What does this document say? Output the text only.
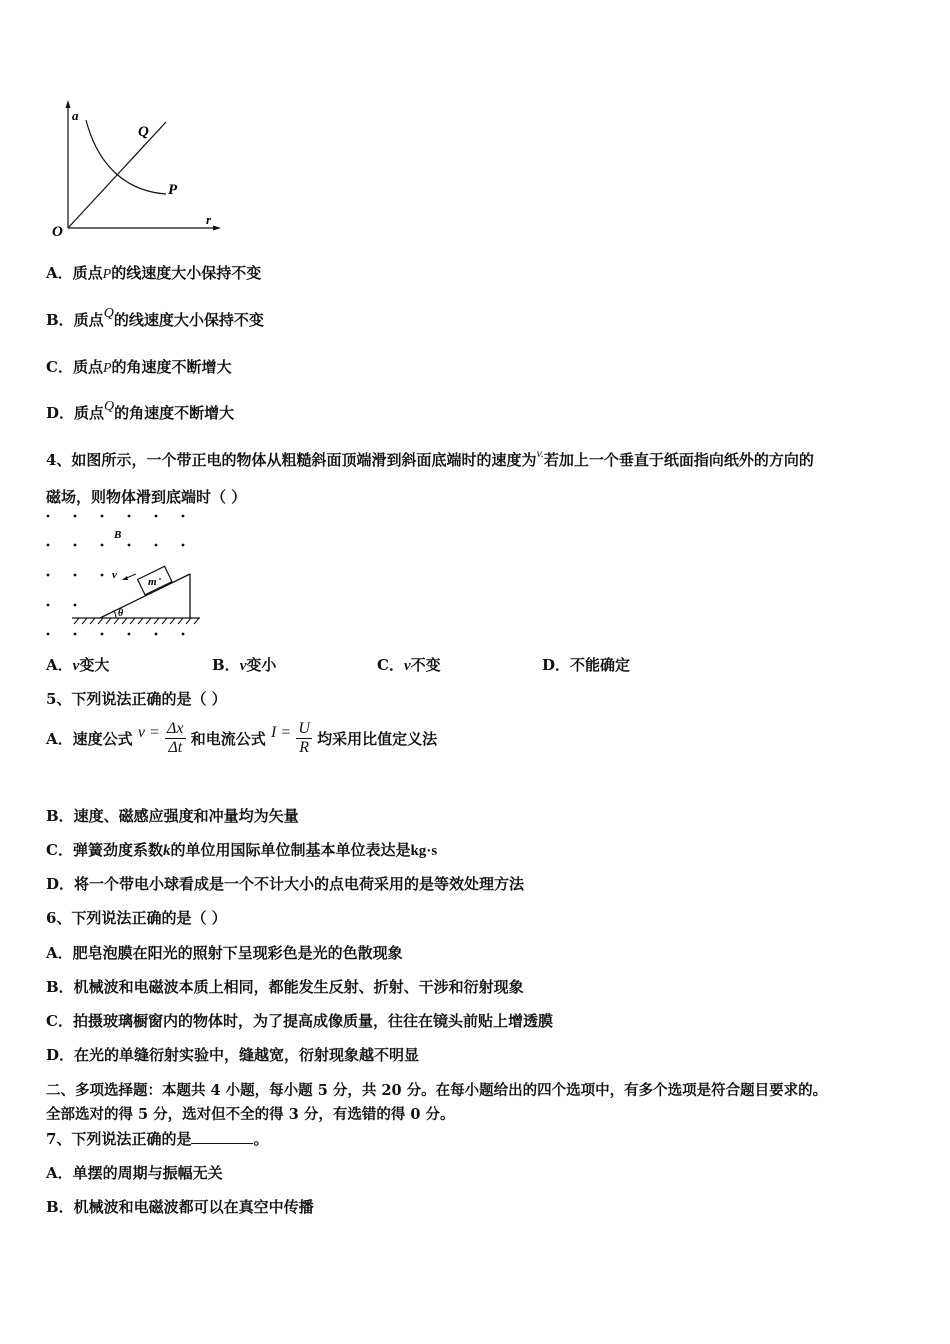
a
r
O
Q
P
A．质点P的线速度大小保持不变
B．质点Q的线速度大小保持不变
C．质点P的角速度不断增大
D．质点Q的角速度不断增大
4、如图所示，一个带正电的物体从粗糙斜面顶端滑到斜面底端时的速度为$^{v.}$若加上一个垂直于纸面指向纸外的方向的
磁场，则物体滑到底端时（ ）
B
θ
m
v
A．v变大	B．v变小	C．v不变	D．不能确定
5、下列说法正确的是（ ）
A．速度公式 $v = \frac{\Delta x}{\Delta t}$ 和电流公式 $I = \frac{U}{R}$ 均采用比值定义法
B．速度、磁感应强度和冲量均为矢量
C．弹簧劲度系数k的单位用国际单位制基本单位表达是kg·s
D．将一个带电小球看成是一个不计大小的点电荷采用的是等效处理方法
6、下列说法正确的是（ ）
A．肥皂泡膜在阳光的照射下呈现彩色是光的色散现象
B．机械波和电磁波本质上相同，都能发生反射、折射、干涉和衍射现象
C．拍摄玻璃橱窗内的物体时，为了提高成像质量，往往在镜头前贴上增透膜
D．在光的单缝衍射实验中，缝越宽，衍射现象越不明显
二、多项选择题：本题共 4 小题，每小题 5 分，共 20 分。在每小题给出的四个选项中，有多个选项是符合题目要求的。
全部选对的得 5 分，选对但不全的得 3 分，有选错的得 0 分。
7、下列说法正确的是	。
A．单摆的周期与振幅无关
B．机械波和电磁波都可以在真空中传播
